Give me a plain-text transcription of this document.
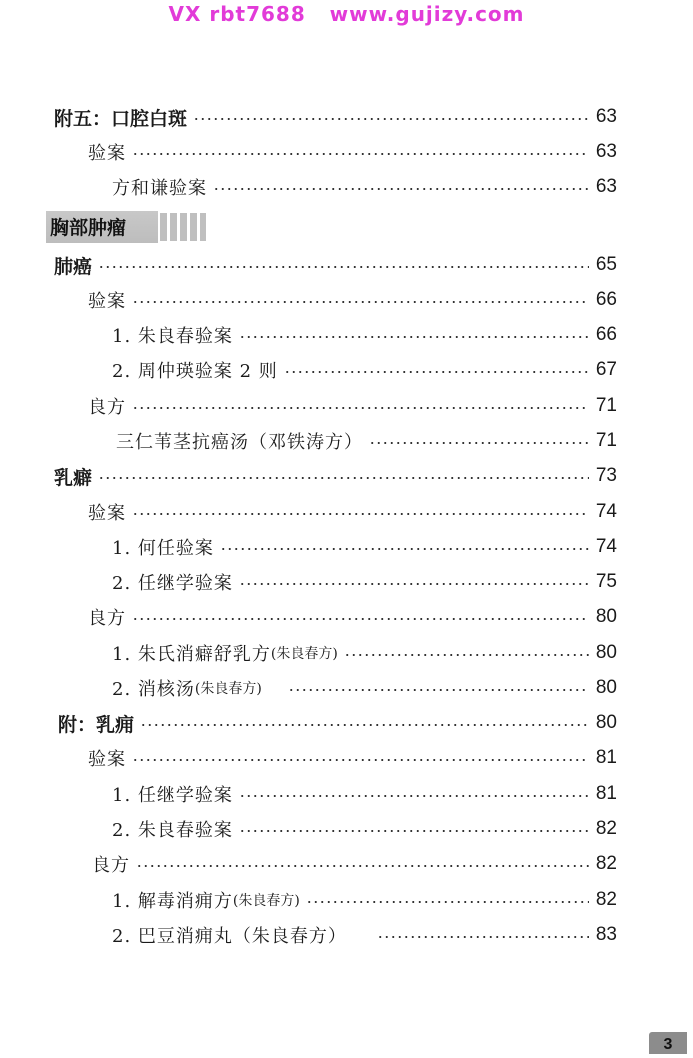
VX rbt7688   www.gujizy.com
胸部肿瘤
附五：口腔白斑	63
验案	63
方和谦验案	63
肺癌	65
验案	66
1. 朱良春验案	66
2. 周仲瑛验案 2 则	67
良方	71
三仁苇茎抗癌汤（邓铁涛方）	71
乳癖	73
验案	74
1. 何任验案	74
2. 任继学验案	75
良方	80
1. 朱氏消癖舒乳方 (朱良春方)	80
2. 消核汤 (朱良春方)	80
附：乳痈	80
验案	81
1. 任继学验案	81
2. 朱良春验案	82
良方	82
1. 解毒消痈方 (朱良春方)	82
2. 巴豆消痈丸（朱良春方）	83
3
